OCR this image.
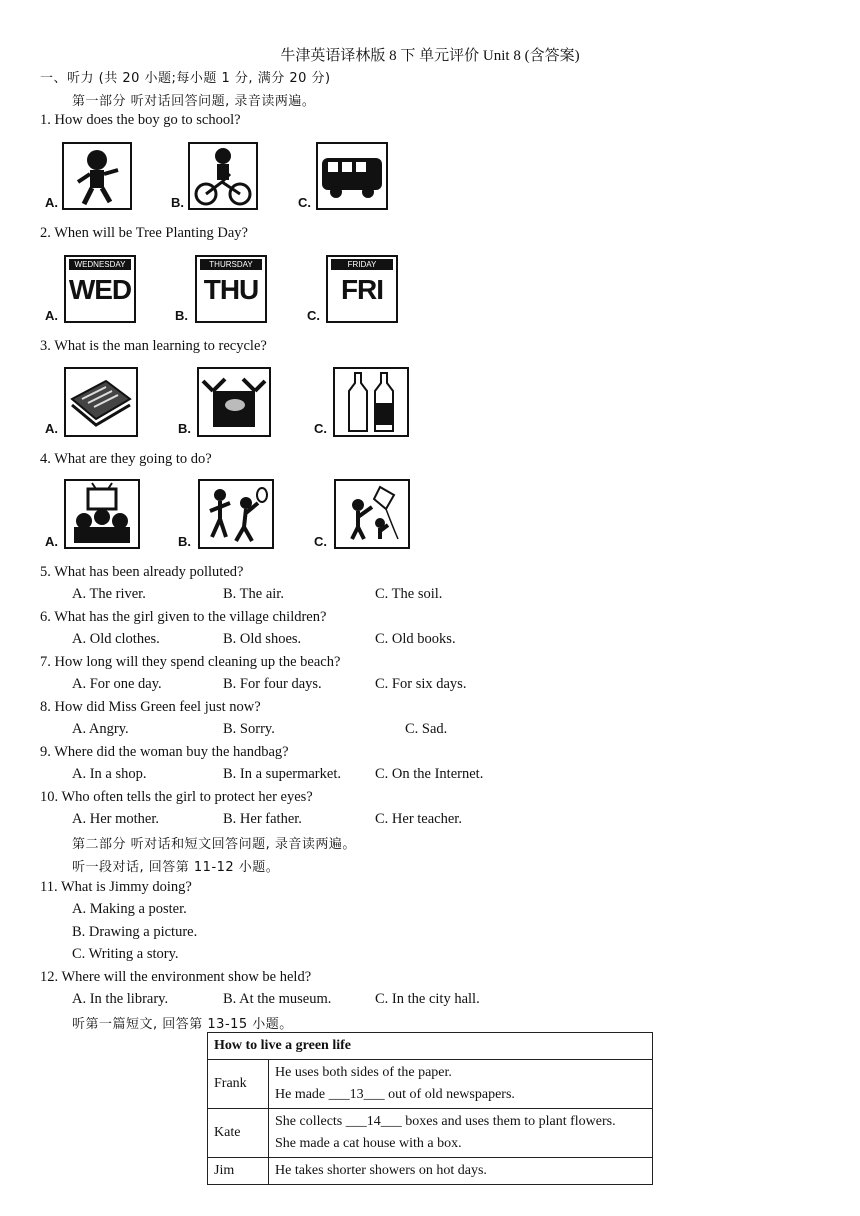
牛津英语译林版 8 下 单元评价 Unit 8 (含答案)
一、听力 (共 20 小题;每小题 1 分, 满分 20 分)
第一部分 听对话回答问题, 录音读两遍。
1. How does the boy go to school?
A.	B.	C.
2. When will be Tree Planting Day?
A.
WEDNESDAY
WED
B.
THURSDAY
THU
C.
FRIDAY
FRI
3. What is the man learning to recycle?
A.	B.	C.
4. What are they going to do?
A.	B.	C.
5. What has been already polluted?
A. The river.	B. The air.	C. The soil.
6. What has the girl given to the village children?
A. Old clothes.	B. Old shoes.	C. Old books.
7. How long will they spend cleaning up the beach?
A. For one day.	B. For four days.	C. For six days.
8. How did Miss Green feel just now?
A. Angry.	B. Sorry.	C. Sad.
9. Where did the woman buy the handbag?
A. In a shop.	B. In a supermarket. C. On the Internet.
10. Who often tells the girl to protect her eyes?
A. Her mother.	B. Her father.	C. Her teacher.
第二部分 听对话和短文回答问题, 录音读两遍。
听一段对话, 回答第 11-12 小题。
11. What is Jimmy doing?
A. Making a poster.
B. Drawing a picture.
C. Writing a story.
12. Where will the environment show be held?
A. In the library.	B. At the museum.	C. In the city hall.
听第一篇短文, 回答第 13-15 小题。
How to live a green life	
Frank	He uses both sides of the paper.
He made ___13___ out of old newspapers.

Kate	She collects ___14___ boxes and uses them to plant flowers.
She made a cat house with a box.

Jim	He takes shorter showers on hot days.
